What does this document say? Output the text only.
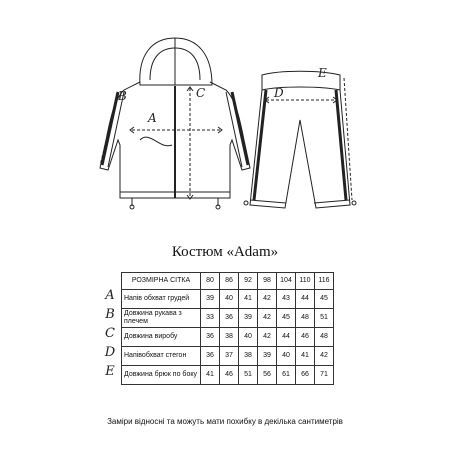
A
B	C	D
E
Костюм «Adam»
A
B
C
D
E
РОЗМІРНА СІТКА	80	86	92	98	104	110	116
Напів обхват грудей	39	40	41	42	43	44	45
Довжина рукава з плечем	33	36	39	42	45	48	51
Довжина виробу	36	38	40	42	44	46	48
Напівобхват стегон	36	37	38	39	40	41	42
Довжина брюк по боку	41	46	51	56	61	66	71
Заміри відносні та можуть мати похибку в декілька сантиметрів
